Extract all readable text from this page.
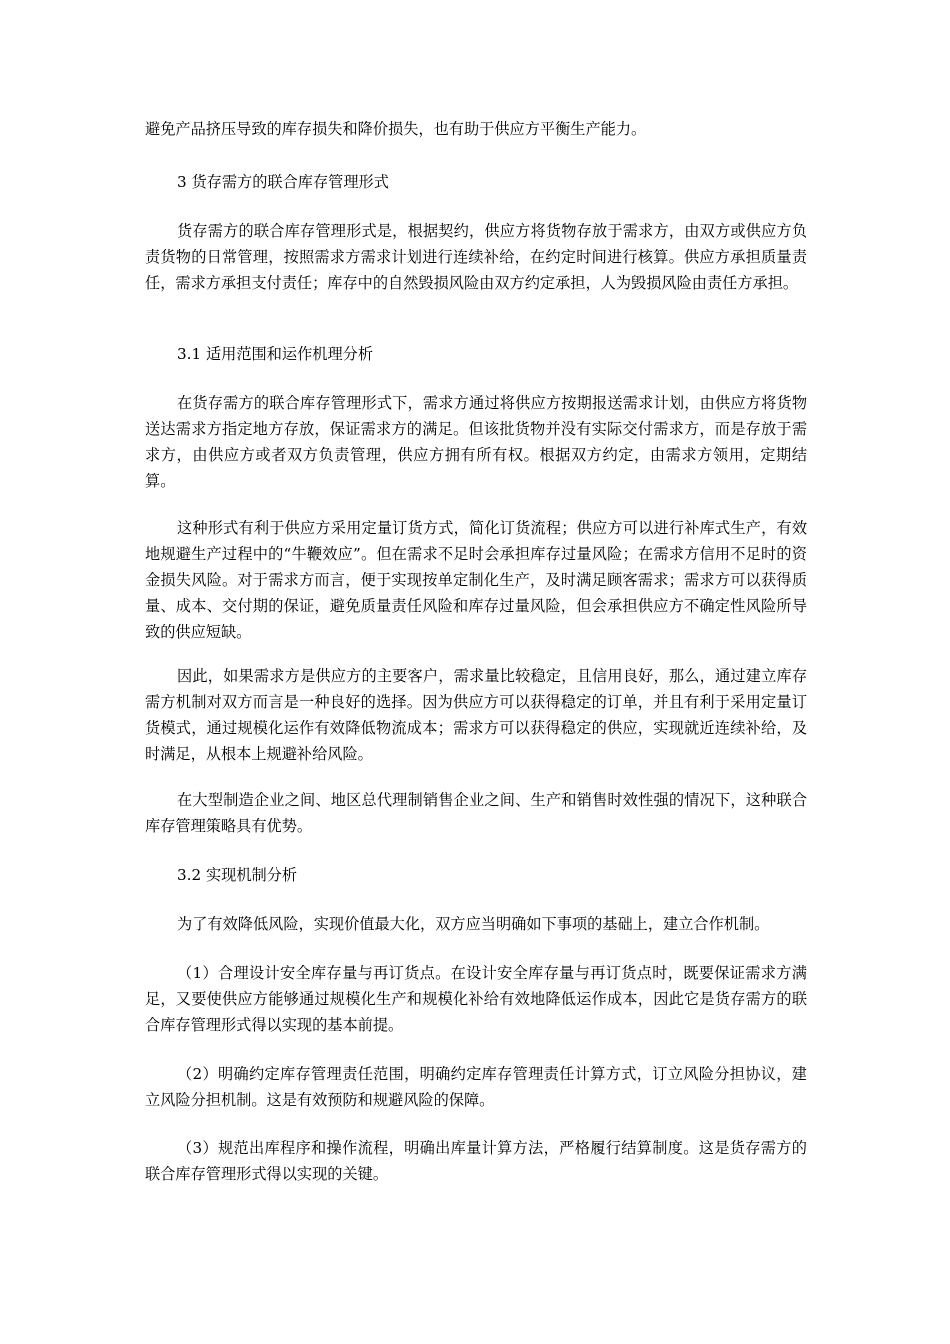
避免产品挤压导致的库存损失和降价损失，也有助于供应方平衡生产能力。

3 货存需方的联合库存管理形式

货存需方的联合库存管理形式是，根据契约，供应方将货物存放于需求方，由双方或供应方负责货物的日常管理，按照需求方需求计划进行连续补给，在约定时间进行核算。供应方承担质量责任，需求方承担支付责任；库存中的自然毁损风险由双方约定承担，人为毁损风险由责任方承担。

3.1 适用范围和运作机理分析

在货存需方的联合库存管理形式下，需求方通过将供应方按期报送需求计划，由供应方将货物送达需求方指定地方存放，保证需求方的满足。但该批货物并没有实际交付需求方，而是存放于需求方，由供应方或者双方负责管理，供应方拥有所有权。根据双方约定，由需求方领用，定期结算。

这种形式有利于供应方采用定量订货方式，简化订货流程；供应方可以进行补库式生产，有效地规避生产过程中的“牛鞭效应”。但在需求不足时会承担库存过量风险；在需求方信用不足时的资金损失风险。对于需求方而言，便于实现按单定制化生产，及时满足顾客需求；需求方可以获得质量、成本、交付期的保证，避免质量责任风险和库存过量风险，但会承担供应方不确定性风险所导致的供应短缺。

因此，如果需求方是供应方的主要客户，需求量比较稳定，且信用良好，那么，通过建立库存需方机制对双方而言是一种良好的选择。因为供应方可以获得稳定的订单，并且有利于采用定量订货模式，通过规模化运作有效降低物流成本；需求方可以获得稳定的供应，实现就近连续补给，及时满足，从根本上规避补给风险。

在大型制造企业之间、地区总代理制销售企业之间、生产和销售时效性强的情况下，这种联合库存管理策略具有优势。

3.2 实现机制分析

为了有效降低风险，实现价值最大化，双方应当明确如下事项的基础上，建立合作机制。

（1）合理设计安全库存量与再订货点。在设计安全库存量与再订货点时，既要保证需求方满足，又要使供应方能够通过规模化生产和规模化补给有效地降低运作成本，因此它是货存需方的联合库存管理形式得以实现的基本前提。

（2）明确约定库存管理责任范围，明确约定库存管理责任计算方式，订立风险分担协议，建立风险分担机制。这是有效预防和规避风险的保障。

（3）规范出库程序和操作流程，明确出库量计算方法，严格履行结算制度。这是货存需方的联合库存管理形式得以实现的关键。
